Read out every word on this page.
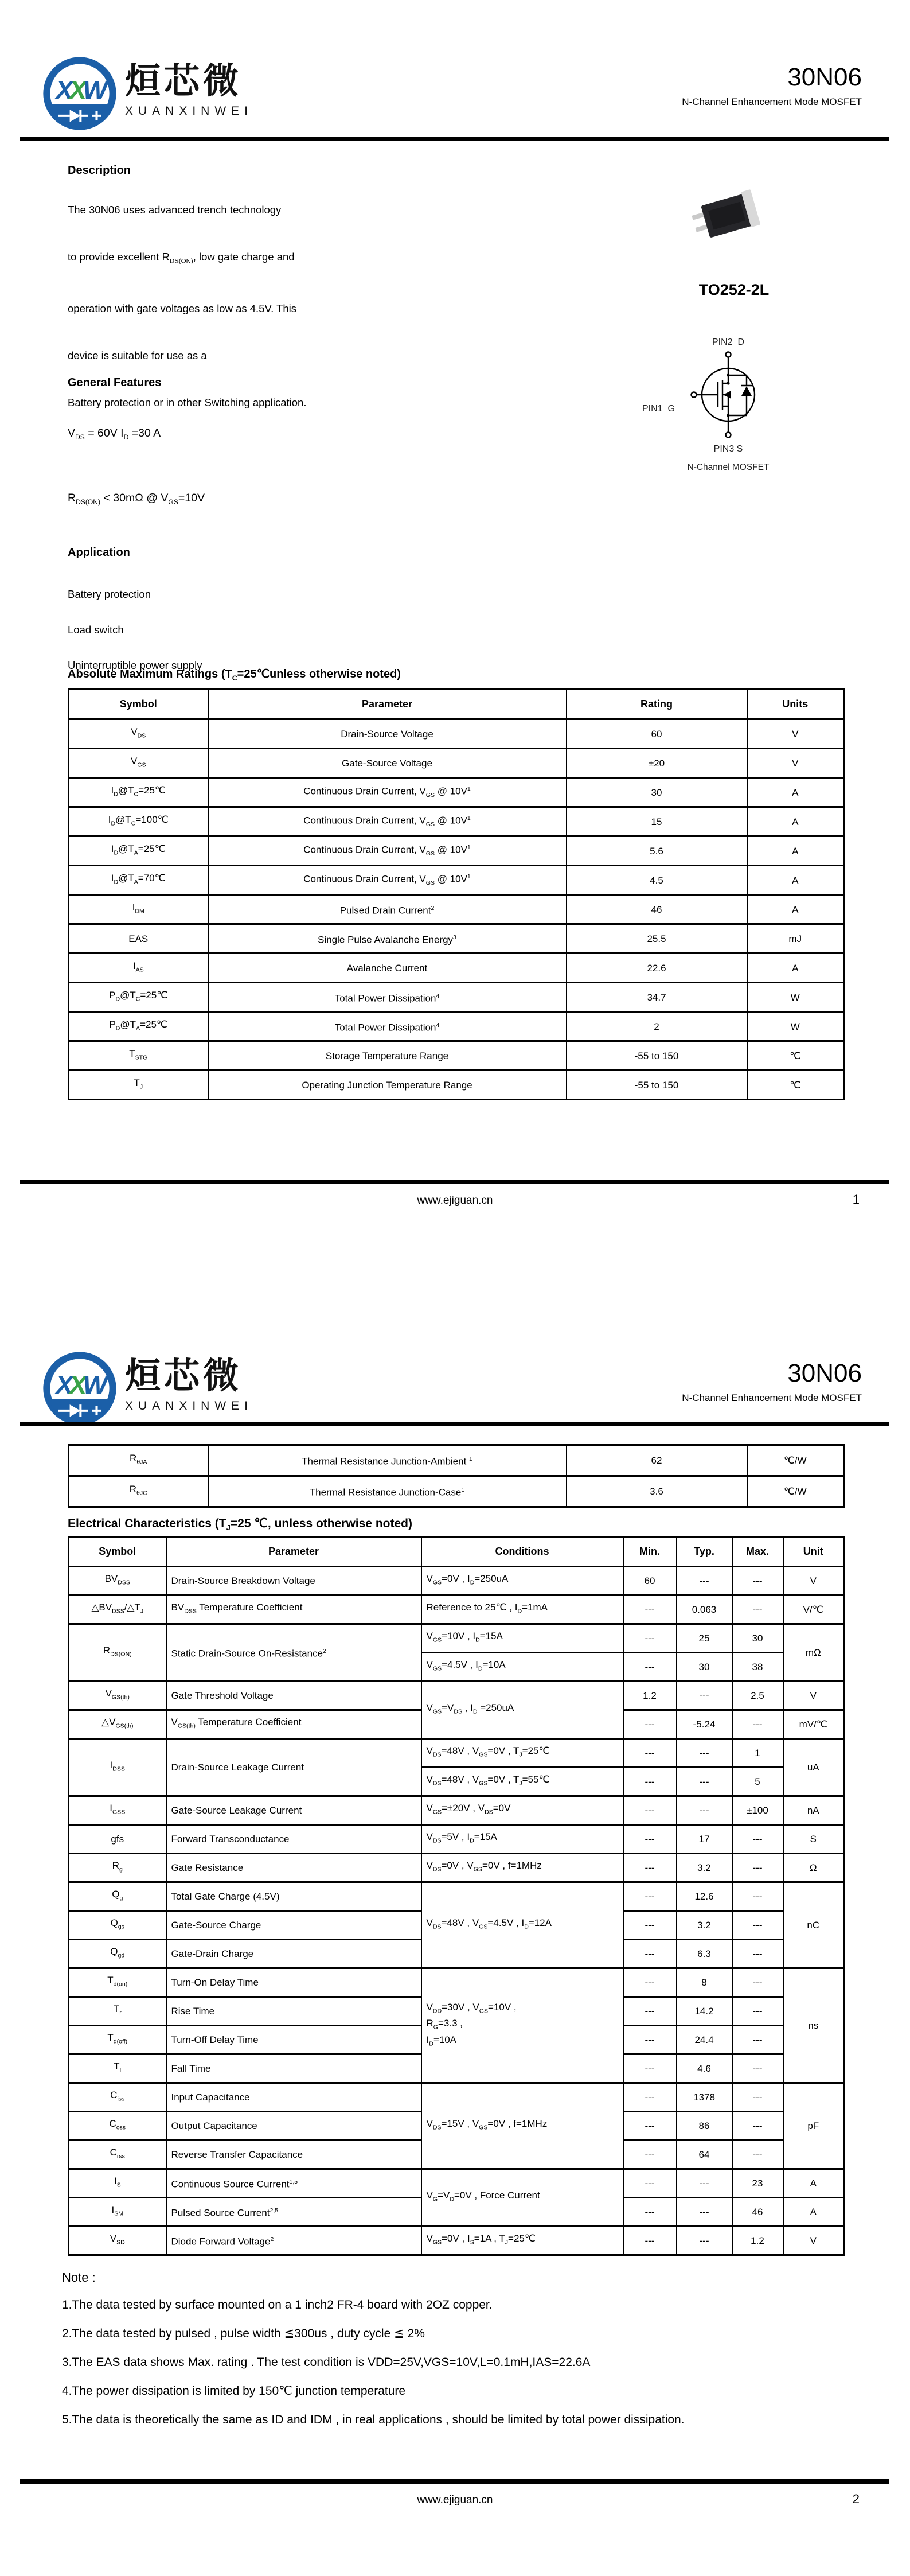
XXW 烜芯微
XUANXINWEI
30N06
N-Channel Enhancement Mode MOSFET
Description
The 30N06 uses advanced trench technology
to provide excellent $R_{DS(ON)}$, low gate charge and
operation with gate voltages as low as 4.5V. This
device is suitable for use as a
Battery protection or in other Switching application.
TO252-2L
General Features
$V_{DS} = 60V$ $I_D =30$ A
$R_{DS(ON)} < 30m\Omega$ @ $V_{GS}=10V$
Application
Battery protection
Load switch
Uninterruptible power supply
PIN2  D
PIN1  G
PIN3 S
N-Channel MOSFET
Absolute Maximum Ratings ($T_C=25℃unless$ otherwise noted)
Symbol	Parameter	Rating	Units
$V_{DS}$	Drain-Source Voltage	60	V
$V_{GS}$	Gate-Source Voltage	±20	V
$I_D@T_C=25℃$	Continuous Drain Current, $V_{GS}$ @ $10V^1$	30	A
$I_D@T_C=100℃$	Continuous Drain Current, $V_{GS}$ @ $10V^1$	15	A
$I_D@T_A=25℃$	Continuous Drain Current, $V_{GS}$ @ $10V^1$	5.6	A
$I_D@T_A=70℃$	Continuous Drain Current, $V_{GS}$ @ $10V^1$	4.5	A
$I_{DM}$	Pulsed Drain Current$^2$	46	A
EAS	Single Pulse Avalanche Energy$^3$	25.5	mJ
$I_{AS}$	Avalanche Current	22.6	A
$P_D@T_C=25℃$	Total Power Dissipation$^4$	34.7	W
$P_D@T_A=25℃$	Total Power Dissipation$^4$	2	W
$T_{STG}$	Storage Temperature Range	-55 to 150	℃
$T_J$	Operating Junction Temperature Range	-55 to 150	℃
www.ejiguan.cn	1
XXW 烜芯微
XUANXINWEI
30N06
N-Channel Enhancement Mode MOSFET
$R_{\theta JA}$	Thermal Resistance Junction-Ambient $^1$	62	℃/W
$R_{\theta JC}$	Thermal Resistance Junction-Case$^1$	3.6	℃/W
Electrical Characteristics ($T_J=25$ ℃, unless otherwise noted)
Symbol	Parameter	Conditions	Min.	Typ.	Max.	Unit
$BV_{DSS}$	Drain-Source Breakdown Voltage	$V_{GS}=0V$ , $I_D=250uA$	60	---	---	V
$\triangle BV_{DSS}/\triangle T_J$	$BV_{DSS}$ Temperature Coefficient	Reference to 25℃ , $I_D=1mA$	---	0.063	---	V/℃
$R_{DS(ON)}$	Static Drain-Source On-Resistance$^2$	$V_{GS}=10V$ , $I_D=15A$	---	25	30	mΩ
		$V_{GS}=4.5V$ , $I_D=10A$	---	30	38	
$V_{GS(th)}$	Gate Threshold Voltage	$V_{GS}=V_{DS}$ , $I_D =250uA$	1.2	---	2.5	V
$\triangle V_{GS(th)}$	$V_{GS(th)}$ Temperature Coefficient		---	-5.24	---	mV/℃
$I_{DSS}$	Drain-Source Leakage Current	$V_{DS}=48V$ , $V_{GS}=0V$ , $T_J=25℃$	---	---	1	uA
		$V_{DS}=48V$ , $V_{GS}=0V$ , $T_J=55℃$	---	---	5	
$I_{GSS}$	Gate-Source Leakage Current	$V_{GS}=\pm 20V$ , $V_{DS}=0V$	---	---	±100	nA
gfs	Forward Transconductance	$V_{DS}=5V$ , $I_D=15A$	---	17	---	S
$R_g$	Gate Resistance	$V_{DS}=0V$ , $V_{GS}=0V$ , f=1MHz	---	3.2	---	Ω
$Q_g$	Total Gate Charge (4.5V)	$V_{DS}=48V$ , $V_{GS}=4.5V$ , $I_D=12A$	---	12.6	---	nC
$Q_{gs}$	Gate-Source Charge		---	3.2	---	
$Q_{gd}$	Gate-Drain Charge		---	6.3	---	
$T_{d(on)}$	Turn-On Delay Time	$V_{DD}=30V$ , $V_{GS}=10V$ ,
$R_G=3.3$ ,
$I_D=10A$	---	8	---	ns
$T_r$	Rise Time		---	14.2	---	
$T_{d(off)}$	Turn-Off Delay Time		---	24.4	---	
$T_f$	Fall Time		---	4.6	---	
$C_{iss}$	Input Capacitance	$V_{DS}=15V$ , $V_{GS}=0V$ , f=1MHz	---	1378	---	pF
$C_{oss}$	Output Capacitance		---	86	---	
$C_{rss}$	Reverse Transfer Capacitance		---	64	---	
$I_S$	Continuous Source Current$^{1,5}$	$V_G=V_D=0V$ , Force Current	---	---	23	A
$I_{SM}$	Pulsed Source Current$^{2,5}$		---	---	46	A
$V_{SD}$	Diode Forward Voltage$^2$	$V_{GS}=0V$ , $I_S=1A$ , $T_J=25℃$	---	---	1.2	V
Note :
1.The data tested by surface mounted on a 1 inch2 FR-4 board with 2OZ copper.
2.The data tested by pulsed , pulse width ≦300us , duty cycle ≦ 2%
3.The EAS data shows Max. rating . The test condition is VDD=25V,VGS=10V,L=0.1mH,IAS=22.6A
4.The power dissipation is limited by 150℃ junction temperature
5.The data is theoretically the same as ID and IDM , in real applications , should be limited by total power dissipation.
www.ejiguan.cn	2
